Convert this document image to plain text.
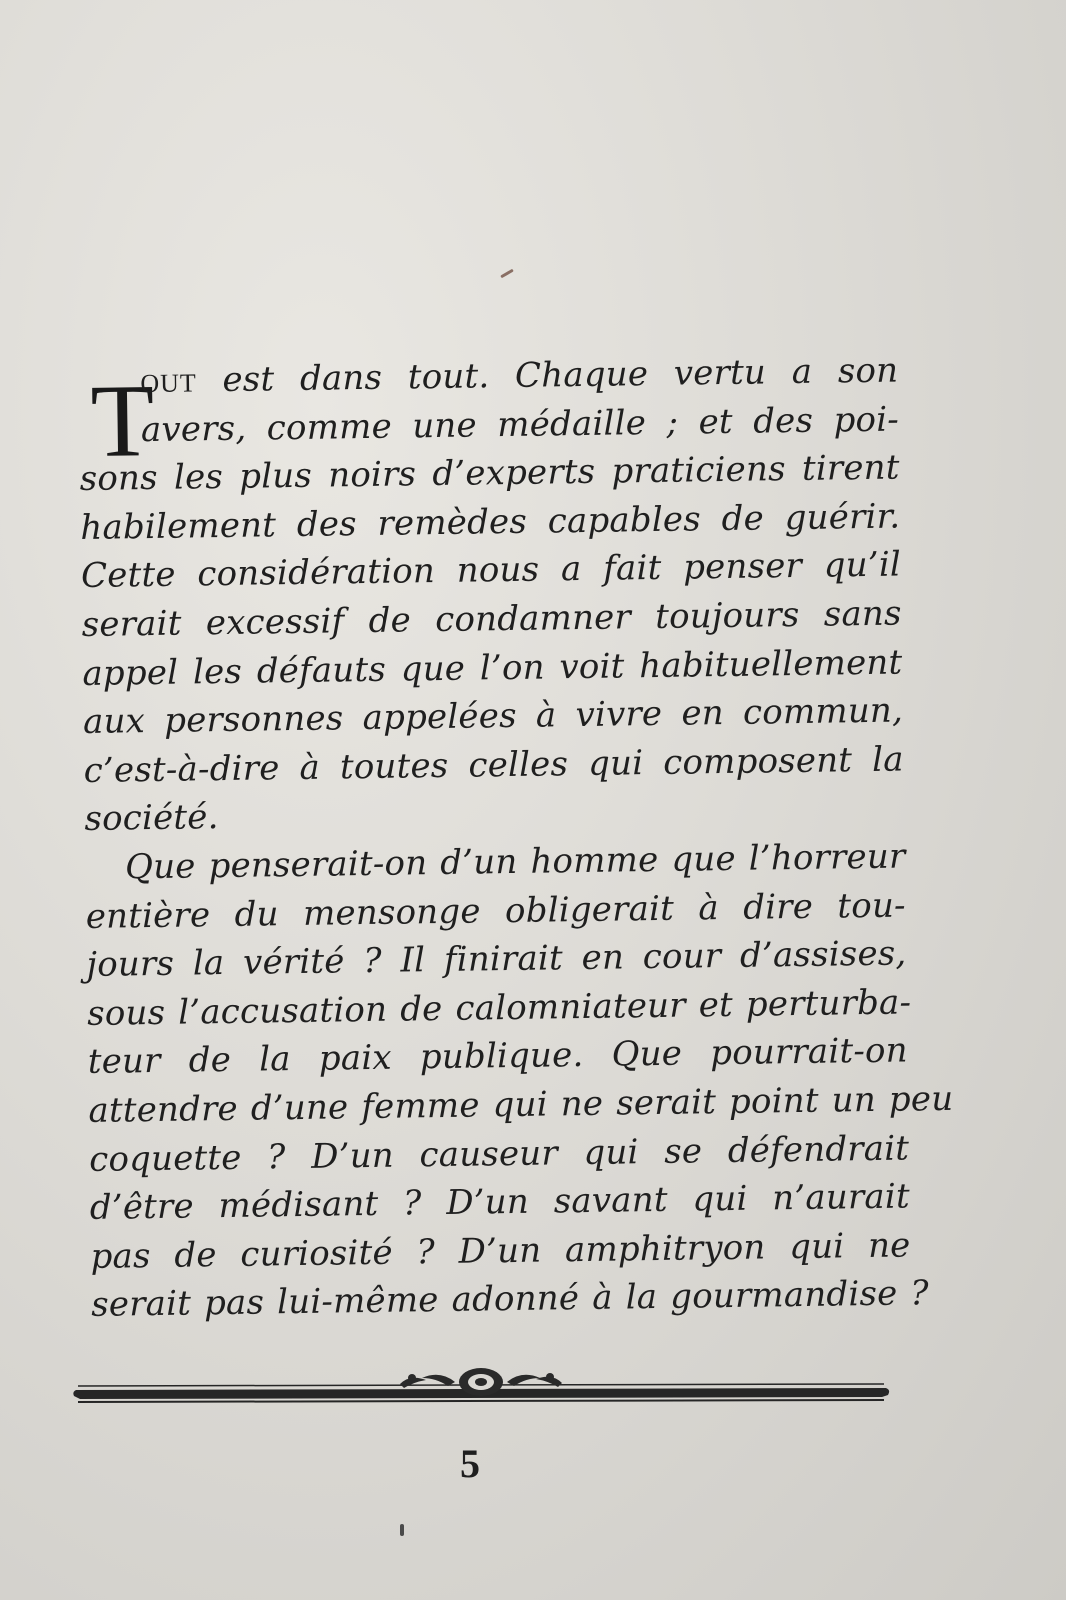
T
OUT est dans tout. Chaque vertu a son
avers, comme une médaille ; et des poi-
sons les plus noirs d’experts praticiens tirent
habilement des remèdes capables de guérir.
Cette considération nous a fait penser qu’il
serait excessif de condamner toujours sans
appel les défauts que l’on voit habituellement
aux personnes appelées à vivre en commun,
c’est-à-dire à toutes celles qui composent la
société.
Que penserait-on d’un homme que l’horreur
entière du mensonge obligerait à dire tou-
jours la vérité ? Il finirait en cour d’assises,
sous l’accusation de calomniateur et perturba-
teur de la paix publique. Que pourrait-on
attendre d’une femme qui ne serait point un peu
coquette ? D’un causeur qui se défendrait
d’être médisant ? D’un savant qui n’aurait
pas de curiosité ? D’un amphitryon qui ne
serait pas lui-même adonné à la gourmandise ?
5
